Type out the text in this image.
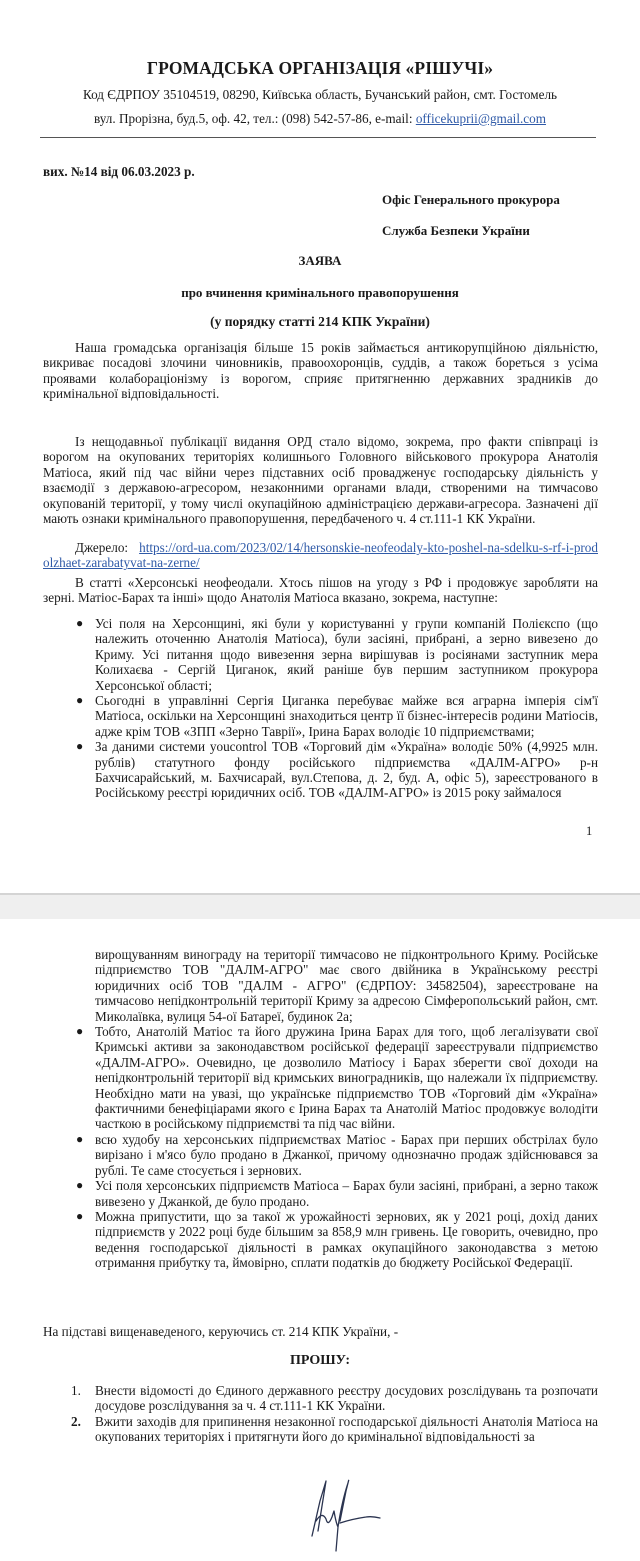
ГРОМАДСЬКА ОРГАНІЗАЦІЯ «РІШУЧІ»
Код ЄДРПОУ 35104519, 08290, Київська область, Бучанський район, смт. Гостомель
вул. Прорізна, буд.5, оф. 42, тел.: (098) 542-57-86, e-mail: officekuprii@gmail.com
вих. №14 від 06.03.2023 р.
Офіс Генерального прокурора
Служба Безпеки України
ЗАЯВА
про вчинення кримінального правопорушення
(у порядку статті 214 КПК України)

Наша громадська організація більше 15 років займається антикорупційною діяльністю, викриває посадові злочини чиновників, правоохоронців, суддів, а також бореться з усіма проявами колабораціонізму із ворогом, сприяє притягненню державних зрадників до кримінальної відповідальності.

Із нещодавньої публікації видання ОРД стало відомо, зокрема, про факти співпраці із ворогом на окупованих територіях колишнього Головного військового прокурора Анатолія Матіоса, який під час війни через підставних осіб провадженує господарську діяльність у взаємодії з державою-агресором, незаконними органами влади, створеними на тимчасово окупованій території, у тому числі окупаційною адміністрацією держави-агресора. Зазначені дії мають ознаки кримінального правопорушення, передбаченого ч. 4 ст.111-1 КК України.

Джерело: https://ord-ua.com/2023/02/14/hersonskie-neofeodaly-kto-poshel-na-sdelku-s-rf-i-prodolzhaet-zarabatyvat-na-zerne/

В статті «Херсонські неофеодали. Хтось пішов на угоду з РФ і продовжує заробляти на зерні. Матіос-Барах та інші» щодо Анатолія Матіоса вказано, зокрема, наступне:

● Усі поля на Херсонщині, які були у користуванні у групи компаній Полієкспо (що належить оточенню Анатолія Матіоса), були засіяні, прибрані, а зерно вивезено до Криму. Усі питання щодо вивезення зерна вирішував із росіянами заступник мера Колихаєва - Сергій Циганок, який раніше був першим заступником прокурора Херсонської області;
● Сьогодні в управлінні Сергія Циганка перебуває майже вся аграрна імперія сім'ї Матіоса, оскільки на Херсонщині знаходиться центр її бізнес-інтересів родини Матіосів, адже крім ТОВ «ЗПП «Зерно Таврії», Ірина Барах володіє 10 підприємствами;
● За даними системи youcontrol ТОВ «Торговий дім «Україна» володіє 50% (4,9925 млн. рублів) статутного фонду російського підприємства «ДАЛМ-АГРО» р-н Бахчисарайський, м. Бахчисарай, вул.Степова, д. 2, буд. А, офіс 5), зареєстрованого в Російському реєстрі юридичних осіб. ТОВ «ДАЛМ-АГРО» із 2015 року займалося
1
вирощуванням винограду на території тимчасово не підконтрольного Криму. Російське підприємство ТОВ "ДАЛМ-АГРО" має свого двійника в Українському реєстрі юридичних осіб ТОВ "ДАЛМ - АГРО" (ЄДРПОУ: 34582504), зареєстроване на тимчасово непідконтрольній території Криму за адресою Сімферопольський район, смт. Миколаївка, вулиця 54-ої Батареї, будинок 2а;
● Тобто, Анатолій Матіос та його дружина Ірина Барах для того, щоб легалізувати свої Кримські активи за законодавством російської федерації зареєстрували підприємство «ДАЛМ-АГРО». Очевидно, це дозволило Матіосу і Барах зберегти свої доходи на непідконтрольній території від кримських виноградників, що належали їх підприємству. Необхідно мати на увазі, що українське підприємство ТОВ «Торговий дім «Україна» фактичними бенефіціарами якого є Ірина Барах та Анатолій Матіос продовжує володіти часткою в російському підприємстві та під час війни.
● всю худобу на херсонських підприємствах Матіос - Барах при перших обстрілах було вирізано і м'ясо було продано в Джанкої, причому однозначно продаж здійснювався за рублі. Те саме стосується і зернових.
● Усі поля херсонських підприємств Матіоса – Барах були засіяні, прибрані, а зерно також вивезено у Джанкой, де було продано.
● Можна припустити, що за такої ж урожайності зернових, як у 2021 році, дохід даних підприємств у 2022 році буде більшим за 858,9 млн гривень. Це говорить, очевидно, про ведення господарської діяльності в рамках окупаційного законодавства з метою отримання прибутку та, ймовірно, сплати податків до бюджету Російської Федерації.
На підставі вищенаведеного, керуючись ст. 214 КПК України, -
ПРОШУ:
1. Внести відомості до Єдиного державного реєстру досудових розслідувань та розпочати досудове розслідування за ч. 4 ст.111-1 КК України.
2. Вжити заходів для припинення незаконної господарської діяльності Анатолія Матіоса на окупованих територіях і притягнути його до кримінальної відповідальності за
